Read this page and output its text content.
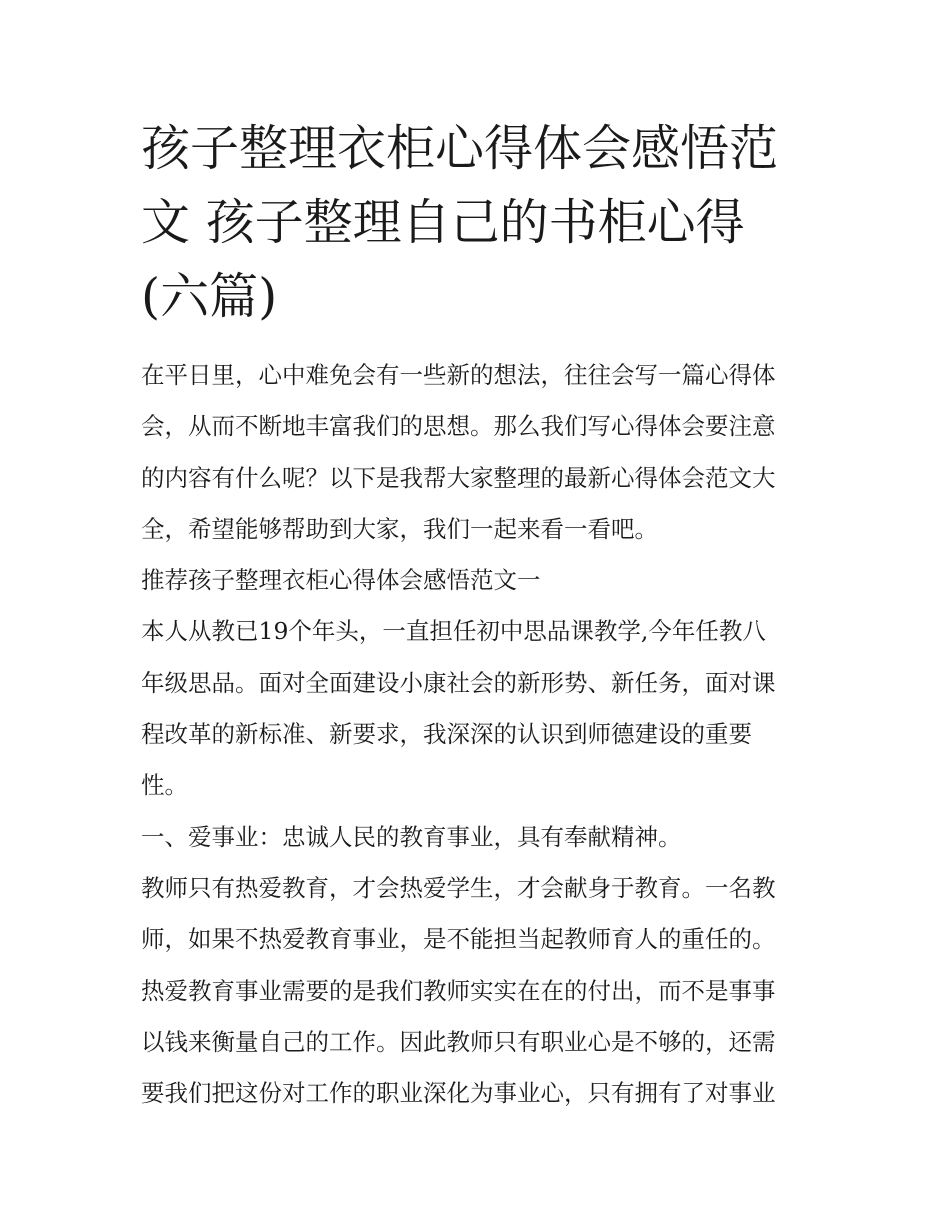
孩子整理衣柜心得体会感悟范
文 孩子整理自己的书柜心得
(六篇)
在平日里，心中难免会有一些新的想法，往往会写一篇心得体
会，从而不断地丰富我们的思想。那么我们写心得体会要注意
的内容有什么呢？以下是我帮大家整理的最新心得体会范文大
全，希望能够帮助到大家，我们一起来看一看吧。
推荐孩子整理衣柜心得体会感悟范文一
本人从教已19个年头，一直担任初中思品课教学,今年任教八
年级思品。面对全面建设小康社会的新形势、新任务，面对课
程改革的新标准、新要求，我深深的认识到师德建设的重要
性。
一、爱事业：忠诚人民的教育事业，具有奉献精神。
教师只有热爱教育，才会热爱学生，才会献身于教育。一名教
师，如果不热爱教育事业，是不能担当起教师育人的重任的。
热爱教育事业需要的是我们教师实实在在的付出，而不是事事
以钱来衡量自己的工作。因此教师只有职业心是不够的，还需
要我们把这份对工作的职业深化为事业心，只有拥有了对事业
